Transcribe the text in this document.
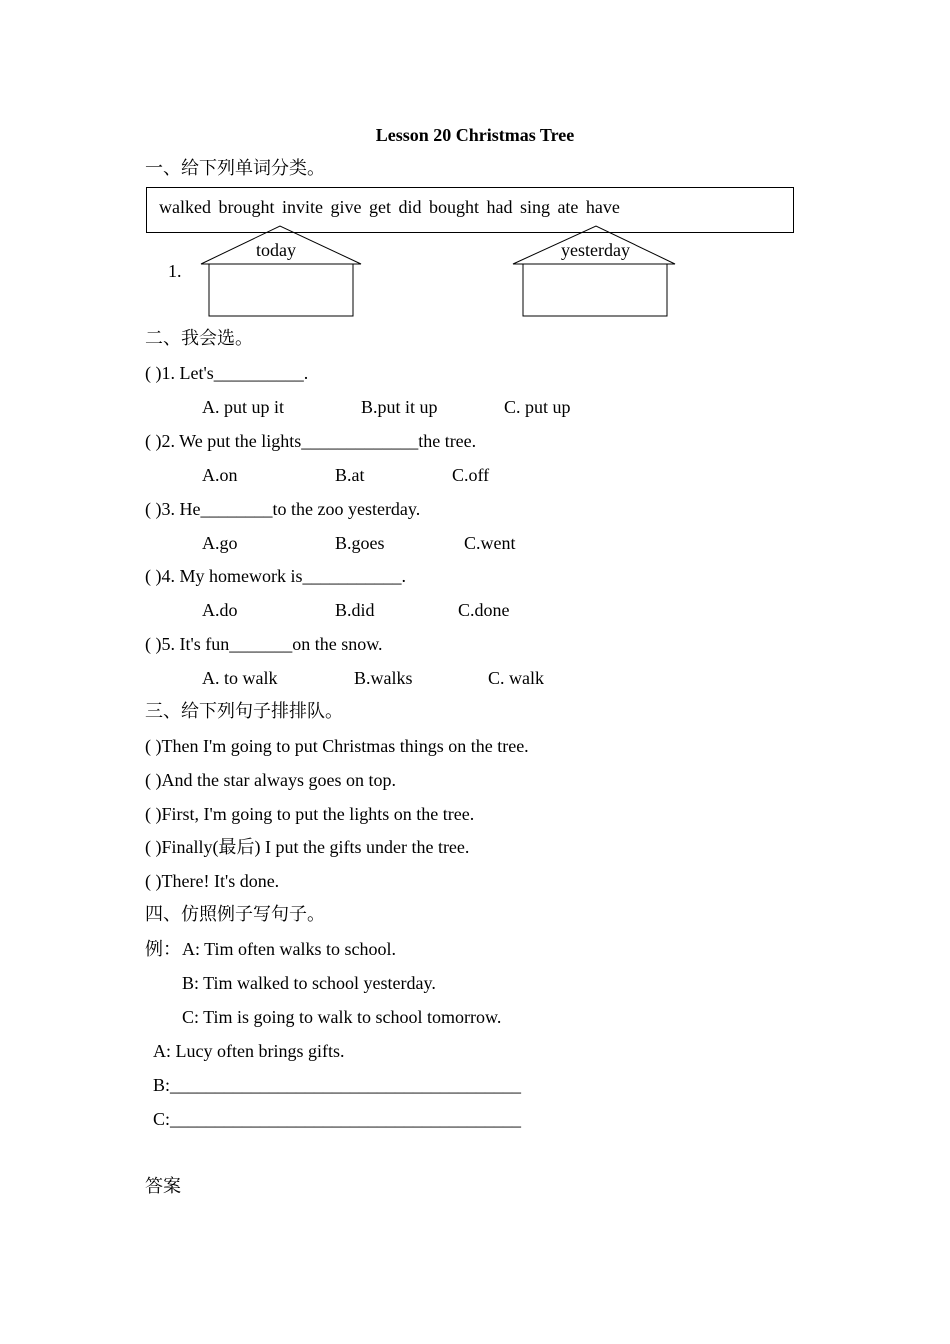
Lesson 20 Christmas Tree
一、给下列单词分类。
walked brought invite give get did bought had sing ate have
today	yesterday
1.
二、我会选。
( )1. Let's__________.
A. put up it	B.put it up	C. put up
( )2. We put the lights_____________the tree.
A.on	B.at	C.off
( )3. He________to the zoo yesterday.
A.go	B.goes	C.went
( )4. My homework is___________.
A.do	B.did	C.done
( )5. It's fun_______on the snow.
A. to walk	B.walks	C. walk
三、给下列句子排排队。
( )Then I'm going to put Christmas things on the tree.
( )And the star always goes on top.
( )First, I'm going to put the lights on the tree.
( )Finally(最后) I put the gifts under the tree.
( )There! It's done.
四、仿照例子写句子。
例： A: Tim often walks to school.
B: Tim walked to school yesterday.
C: Tim is going to walk to school tomorrow.
A: Lucy often brings gifts.
B:_______________________________________
C:_______________________________________
答案
